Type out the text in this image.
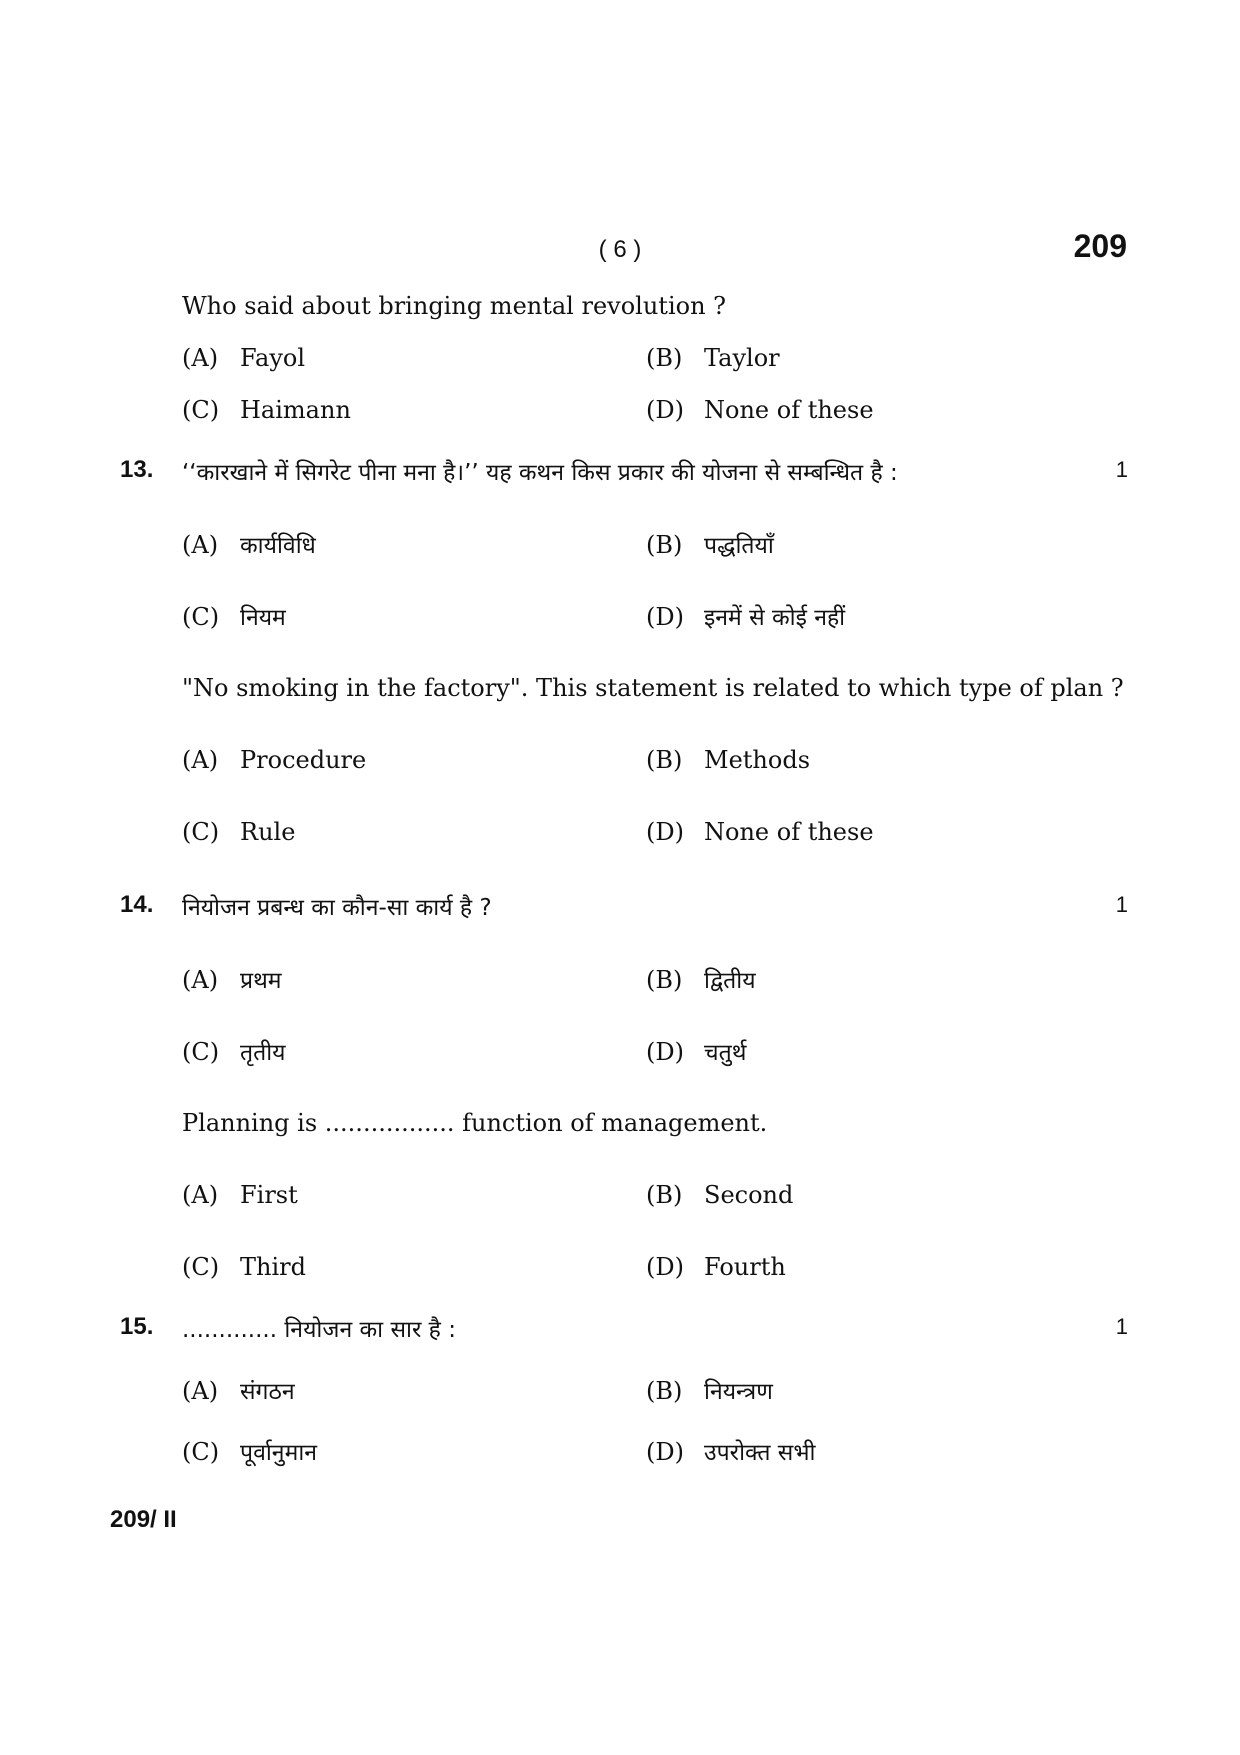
( 6 )	209
Who said about bringing mental revolution ?
(A) Fayol	(B) Taylor
(C) Haimann	(D) None of these
13. ‘‘कारखाने में सिगरेट पीना मना है।’’ यह कथन किस प्रकार की योजना से सम्बन्धित है :	1
(A) कार्यविधि	(B) पद्धतियाँ
(C) नियम	(D) इनमें से कोई नहीं
"No smoking in the factory". This statement is related to which type of plan ?
(A) Procedure	(B) Methods
(C) Rule	(D) None of these
14. नियोजन प्रबन्ध का कौन-सा कार्य है ?	1
(A) प्रथम	(B) द्वितीय
(C) तृतीय	(D) चतुर्थ
Planning is ................. function of management.
(A) First	(B) Second
(C) Third	(D) Fourth
15. ............. नियोजन का सार है :	1
(A) संगठन	(B) नियन्त्रण
(C) पूर्वानुमान	(D) उपरोक्त सभी
209/ II
